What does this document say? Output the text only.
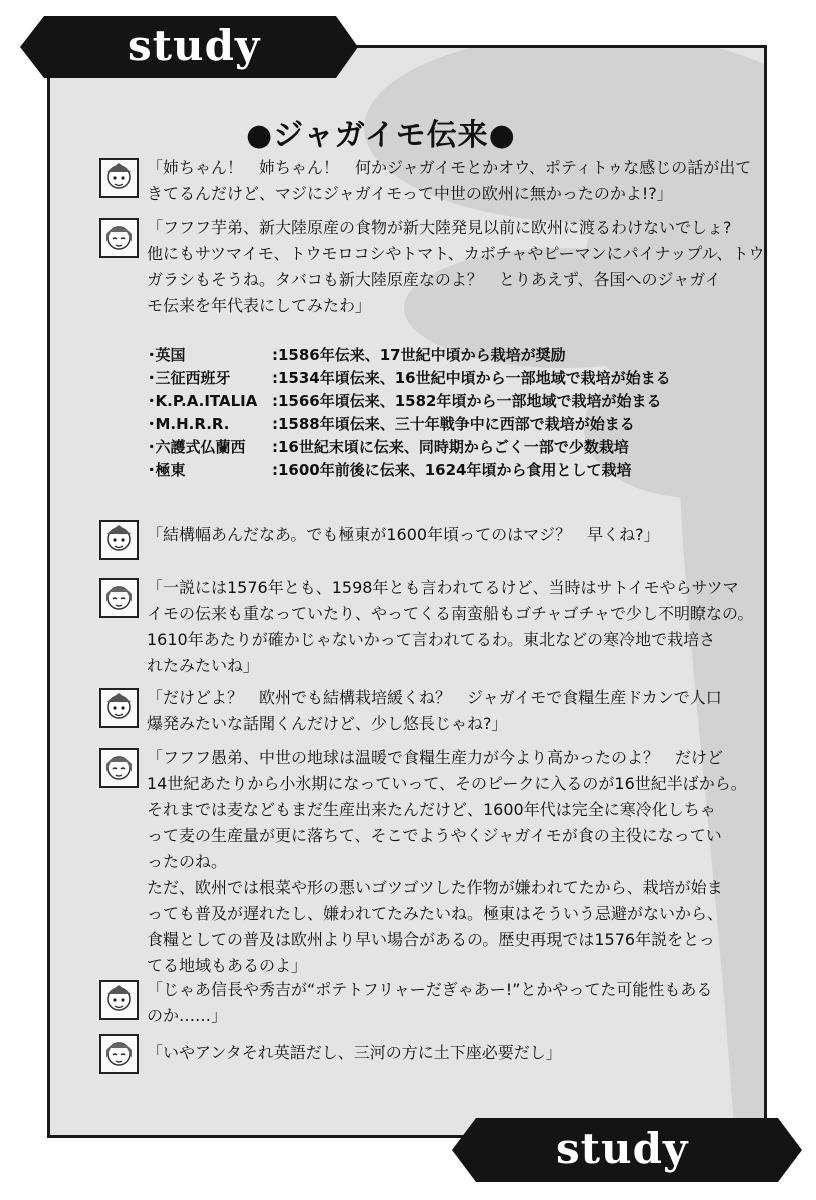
study
●ジャガイモ伝来●
「姉ちゃん！　姉ちゃん！　何かジャガイモとかオウ、ポティトゥな感じの話が出て
きてるんだけど、マジにジャガイモって中世の欧州に無かったのかよ!?」
「フフフ芋弟、新大陸原産の食物が新大陸発見以前に欧州に渡るわけないでしょ?
他にもサツマイモ、トウモロコシやトマト、カボチャやピーマンにパイナップル、トウ
ガラシもそうね。タバコも新大陸原産なのよ？　とりあえず、各国へのジャガイ
モ伝来を年代表にしてみたわ」
･英国	:1586年伝来、17世紀中頃から栽培が奨励
･三征西班牙	:1534年頃伝来、16世紀中頃から一部地域で栽培が始まる
･K.P.A.ITALIA :1566年頃伝来、1582年頃から一部地域で栽培が始まる
･M.H.R.R.	:1588年頃伝来、三十年戦争中に西部で栽培が始まる
･六護式仏蘭西	:16世紀末頃に伝来、同時期からごく一部で少数栽培
･極東	:1600年前後に伝来、1624年頃から食用として栽培
「結構幅あんだなあ。でも極東が1600年頃ってのはマジ？　早くね?」
「一説には1576年とも、1598年とも言われてるけど、当時はサトイモやらサツマ
イモの伝来も重なっていたり、やってくる南蛮船もゴチャゴチャで少し不明瞭なの。
1610年あたりが確かじゃないかって言われてるわ。東北などの寒冷地で栽培さ
れたみたいね」
「だけどよ？　欧州でも結構栽培緩くね？　ジャガイモで食糧生産ドカンで人口
爆発みたいな話聞くんだけど、少し悠長じゃね?」
「フフフ愚弟、中世の地球は温暖で食糧生産力が今より高かったのよ？　だけど
14世紀あたりから小氷期になっていって、そのピークに入るのが16世紀半ばから。
それまでは麦などもまだ生産出来たんだけど、1600年代は完全に寒冷化しちゃ
って麦の生産量が更に落ちて、そこでようやくジャガイモが食の主役になってい
ったのね。
ただ、欧州では根菜や形の悪いゴツゴツした作物が嫌われてたから、栽培が始ま
っても普及が遅れたし、嫌われてたみたいね。極東はそういう忌避がないから、
食糧としての普及は欧州より早い場合があるの。歴史再現では1576年説をとっ
てる地域もあるのよ」
「じゃあ信長や秀吉が“ポテトフリャーだぎゃあー!”とかやってた可能性もある
のか……」
「いやアンタそれ英語だし、三河の方に土下座必要だし」
study
